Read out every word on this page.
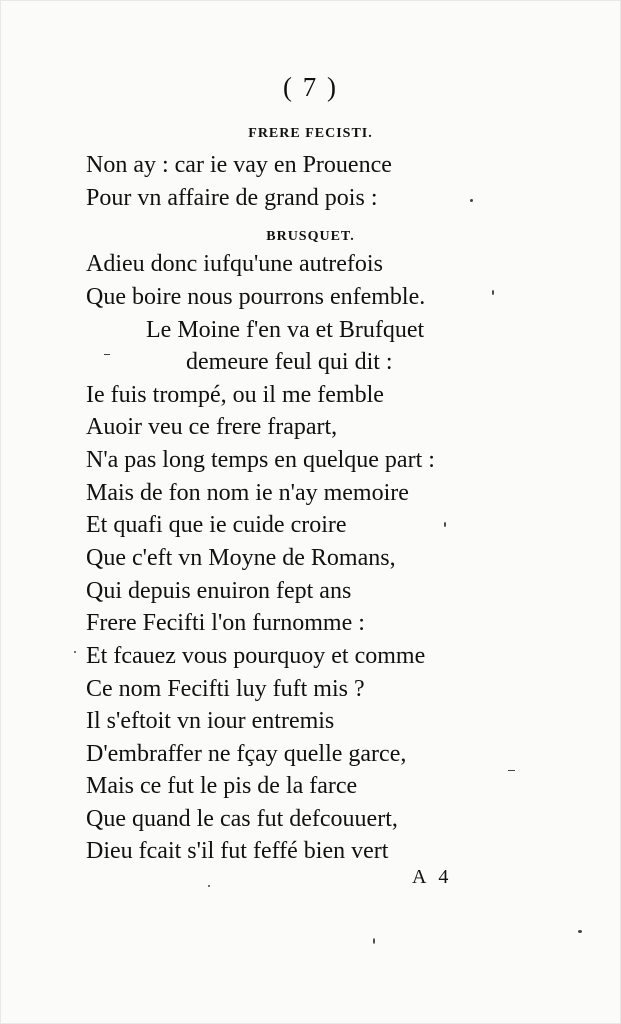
( 7 )
FRERE FECISTI.
Non ay : car ie vay en Prouence
Pour vn affaire de grand pois :
BRUSQUET.
Adieu donc iufqu'une autrefois
Que boire nous pourrons enfemble.
Le Moine f'en va et Brufquet
demeure feul qui dit :
Ie fuis trompé, ou il me femble
Auoir veu ce frere frapart,
N'a pas long temps en quelque part :
Mais de fon nom ie n'ay memoire
Et quafi que ie cuide croire
Que c'eft vn Moyne de Romans,
Qui depuis enuiron fept ans
Frere Fecifti l'on furnomme :
Et fcauez vous pourquoy et comme
Ce nom Fecifti luy fuft mis ?
Il s'eftoit vn iour entremis
D'embraffer ne fçay quelle garce,
Mais ce fut le pis de la farce
Que quand le cas fut defcouuert,
Dieu fcait s'il fut feffé bien vert
A 4
